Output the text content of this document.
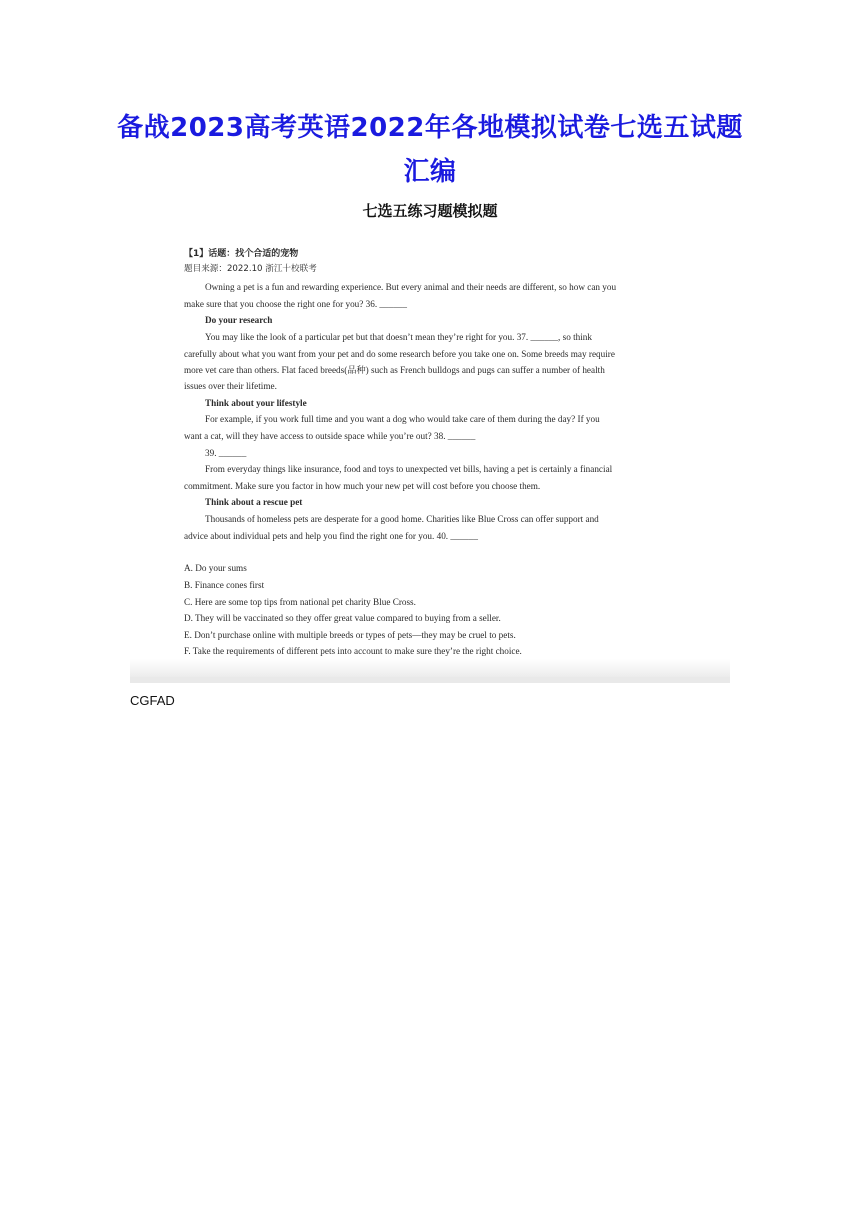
备战2023高考英语2022年各地模拟试卷七选五试题
汇编
七选五练习题模拟题
【1】话题：找个合适的宠物
题目来源：2022.10 浙江十校联考
Owning a pet is a fun and rewarding experience. But every animal and their needs are different, so how can you
make sure that you choose the right one for you? 36. ______
Do your research
You may like the look of a particular pet but that doesn’t mean they’re right for you. 37. ______, so think
carefully about what you want from your pet and do some research before you take one on. Some breeds may require
more vet care than others. Flat faced breeds(品种) such as French bulldogs and pugs can suffer a number of health
issues over their lifetime.
Think about your lifestyle
For example, if you work full time and you want a dog who would take care of them during the day? If you
want a cat, will they have access to outside space while you’re out? 38. ______
39. ______
From everyday things like insurance, food and toys to unexpected vet bills, having a pet is certainly a financial
commitment. Make sure you factor in how much your new pet will cost before you choose them.
Think about a rescue pet
Thousands of homeless pets are desperate for a good home. Charities like Blue Cross can offer support and
advice about individual pets and help you find the right one for you. 40. ______
A. Do your sums
B. Finance cones first
C. Here are some top tips from national pet charity Blue Cross.
D. They will be vaccinated so they offer great value compared to buying from a seller.
E. Don’t purchase online with multiple breeds or types of pets—they may be cruel to pets.
F. Take the requirements of different pets into account to make sure they’re the right choice.
CGFAD
